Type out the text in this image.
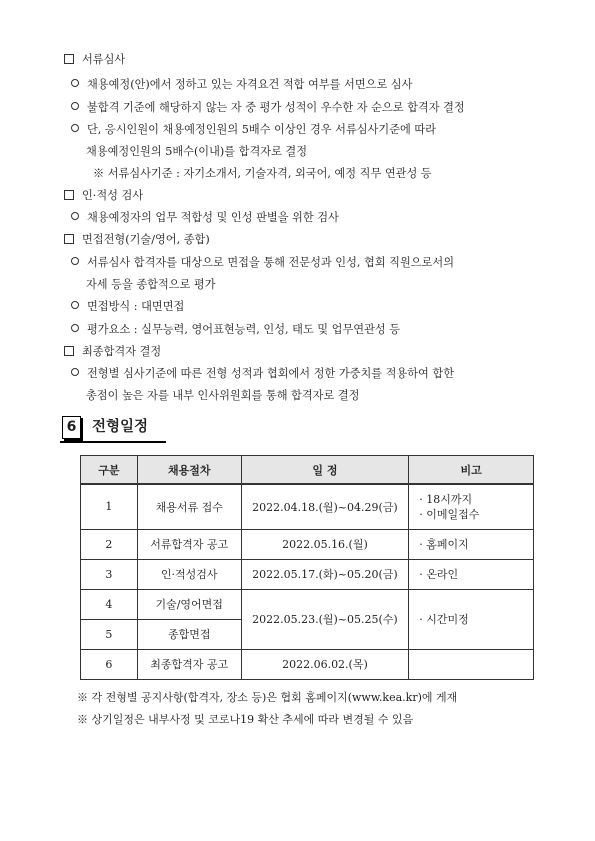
서류심사
채용예정(안)에서 정하고 있는 자격요건 적합 여부를 서면으로 심사
불합격 기준에 해당하지 않는 자 중 평가 성적이 우수한 자 순으로 합격자 결정
단, 응시인원이 채용예정인원의 5배수 이상인 경우 서류심사기준에 따라
채용예정인원의 5배수(이내)를 합격자로 결정
※ 서류심사기준 : 자기소개서, 기술자격, 외국어, 예정 직무 연관성 등
인·적성 검사
채용예정자의 업무 적합성 및 인성 판별을 위한 검사
면접전형(기술/영어, 종합)
서류심사 합격자를 대상으로 면접을 통해 전문성과 인성, 협회 직원으로서의
자세 등을 종합적으로 평가
면접방식 : 대면면접
평가요소 : 실무능력, 영어표현능력, 인성, 태도 및 업무연관성 등
최종합격자 결정
전형별 심사기준에 따른 전형 성적과 협회에서 정한 가중치를 적용하여 합한
총점이 높은 자를 내부 인사위원회를 통해 합격자로 결정
6	전형일정
구분	채용절차	일 정	비고
1	채용서류 접수	2022.04.18.(월)~04.29(금)	· 18시까지
· 이메일접수

2	서류합격자 공고	2022.05.16.(월)	· 홈페이지
3	인·적성검사	2022.05.17.(화)~05.20(금)	· 온라인
4	기술/영어면접	2022.05.23.(월)~05.25(수)	· 시간미정
5	종합면접		
6	최종합격자 공고	2022.06.02.(목)	
※ 각 전형별 공지사항(합격자, 장소 등)은 협회 홈페이지(www.kea.kr)에 게재
※ 상기일정은 내부사정 및 코로나19 확산 추세에 따라 변경될 수 있음
